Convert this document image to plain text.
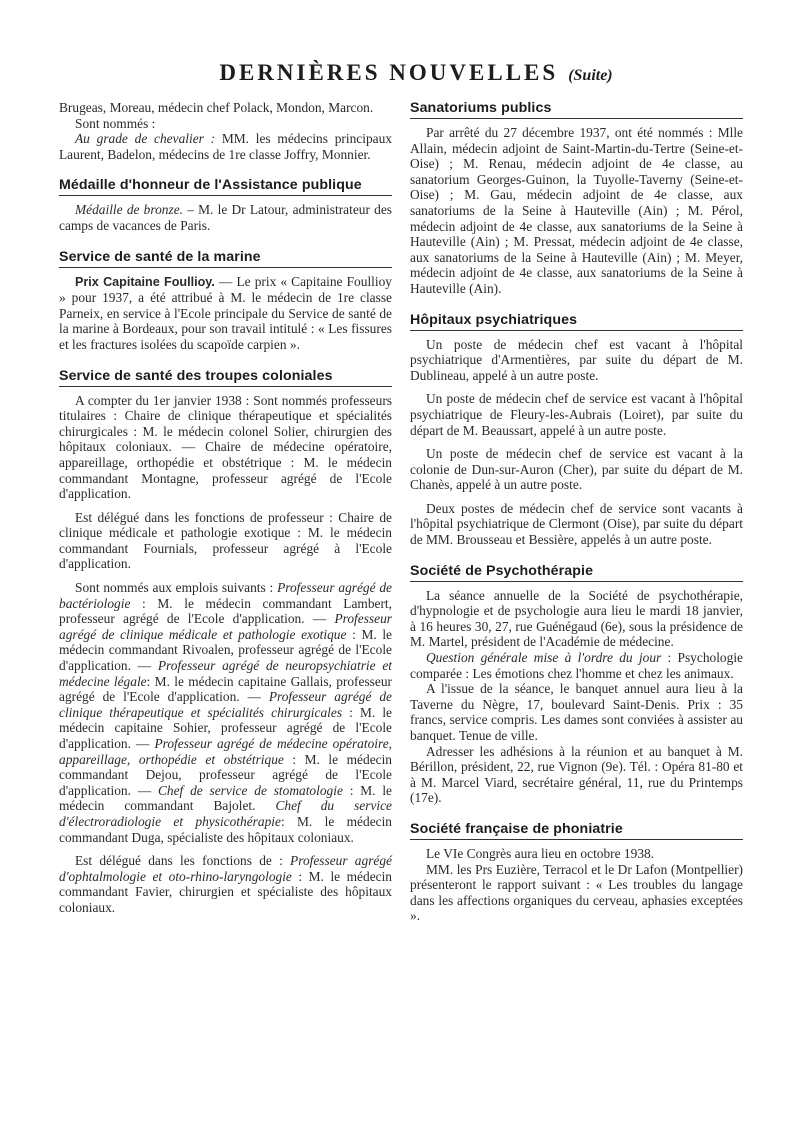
DERNIÈRES NOUVELLES (Suite)

Brugeas, Moreau, médecin chef Polack, Mondon, Marcon.

Sont nommés :

Au grade de chevalier : MM. les médecins principaux Laurent, Badelon, médecins de 1re classe Joffry, Monnier.

Médaille d'honneur de l'Assistance publique

Médaille de bronze. – M. le Dr Latour, administrateur des camps de vacances de Paris.

Service de santé de la marine

Prix Capitaine Foullioy. — Le prix « Capitaine Foullioy » pour 1937, a été attribué à M. le médecin de 1re classe Parneix, en service à l'Ecole principale du Service de santé de la marine à Bordeaux, pour son travail intitulé : « Les fissures et les fractures isolées du scapoïde carpien ».

Service de santé des troupes coloniales

A compter du 1er janvier 1938 : Sont nommés professeurs titulaires : Chaire de clinique thérapeutique et spécialités chirurgicales : M. le médecin colonel Solier, chirurgien des hôpitaux coloniaux. — Chaire de médecine opératoire, appareillage, orthopédie et obstétrique : M. le médecin commandant Montagne, professeur agrégé de l'Ecole d'application.

Est délégué dans les fonctions de professeur : Chaire de clinique médicale et pathologie exotique : M. le médecin commandant Fournials, professeur agrégé à l'Ecole d'application.

Sont nommés aux emplois suivants : Professeur agrégé de bactériologie : M. le médecin commandant Lambert, professeur agrégé de l'Ecole d'application. — Professeur agrégé de clinique médicale et pathologie exotique : M. le médecin commandant Rivoalen, professeur agrégé de l'Ecole d'application. — Professeur agrégé de neuropsychiatrie et médecine légale: M. le médecin capitaine Gallais, professeur agrégé de l'Ecole d'application. — Professeur agrégé de clinique thérapeutique et spécialités chirurgicales : M. le médecin capitaine Sohier, professeur agrégé de l'Ecole d'application. — Professeur agrégé de médecine opératoire, appareillage, orthopédie et obstétrique : M. le médecin commandant Dejou, professeur agrégé de l'Ecole d'application. — Chef de service de stomatologie : M. le médecin commandant Bajolet. Chef du service d'électroradiologie et physicothérapie: M. le médecin commandant Duga, spécialiste des hôpitaux coloniaux.

Est délégué dans les fonctions de : Professeur agrégé d'ophtalmologie et oto-rhino-laryngologie : M. le médecin commandant Favier, chirurgien et spécialiste des hôpitaux coloniaux.

Sanatoriums publics

Par arrêté du 27 décembre 1937, ont été nommés : Mlle Allain, médecin adjoint de Saint-Martin-du-Tertre (Seine-et-Oise) ; M. Renau, médecin adjoint de 4e classe, au sanatorium Georges-Guinon, la Tuyolle-Taverny (Seine-et-Oise) ; M. Gau, médecin adjoint de 4e classe, aux sanatoriums de la Seine à Hauteville (Ain) ; M. Pérol, médecin adjoint de 4e classe, aux sanatoriums de la Seine à Hauteville (Ain) ; M. Pressat, médecin adjoint de 4e classe, aux sanatoriums de la Seine à Hauteville (Ain) ; M. Meyer, médecin adjoint de 4e classe, aux sanatoriums de la Seine à Hauteville (Ain).

Hôpitaux psychiatriques

Un poste de médecin chef est vacant à l'hôpital psychiatrique d'Armentières, par suite du départ de M. Dublineau, appelé à un autre poste.

Un poste de médecin chef de service est vacant à l'hôpital psychiatrique de Fleury-les-Aubrais (Loiret), par suite du départ de M. Beaussart, appelé à un autre poste.

Un poste de médecin chef de service est vacant à la colonie de Dun-sur-Auron (Cher), par suite du départ de M. Chanès, appelé à un autre poste.

Deux postes de médecin chef de service sont vacants à l'hôpital psychiatrique de Clermont (Oise), par suite du départ de MM. Brousseau et Bessière, appelés à un autre poste.

Société de Psychothérapie

La séance annuelle de la Société de psychothérapie, d'hypnologie et de psychologie aura lieu le mardi 18 janvier, à 16 heures 30, 27, rue Guénégaud (6e), sous la présidence de M. Martel, président de l'Académie de médecine.

Question générale mise à l'ordre du jour : Psychologie comparée : Les émotions chez l'homme et chez les animaux.

A l'issue de la séance, le banquet annuel aura lieu à la Taverne du Nègre, 17, boulevard Saint-Denis. Prix : 35 francs, service compris. Les dames sont conviées à assister au banquet. Tenue de ville.

Adresser les adhésions à la réunion et au banquet à M. Bérillon, président, 22, rue Vignon (9e). Tél. : Opéra 81-80 et à M. Marcel Viard, secrétaire général, 11, rue du Printemps (17e).

Société française de phoniatrie

Le VIe Congrès aura lieu en octobre 1938.

MM. les Prs Euzière, Terracol et le Dr Lafon (Montpellier) présenteront le rapport suivant : « Les troubles du langage dans les affections organiques du cerveau, aphasies exceptées ».
